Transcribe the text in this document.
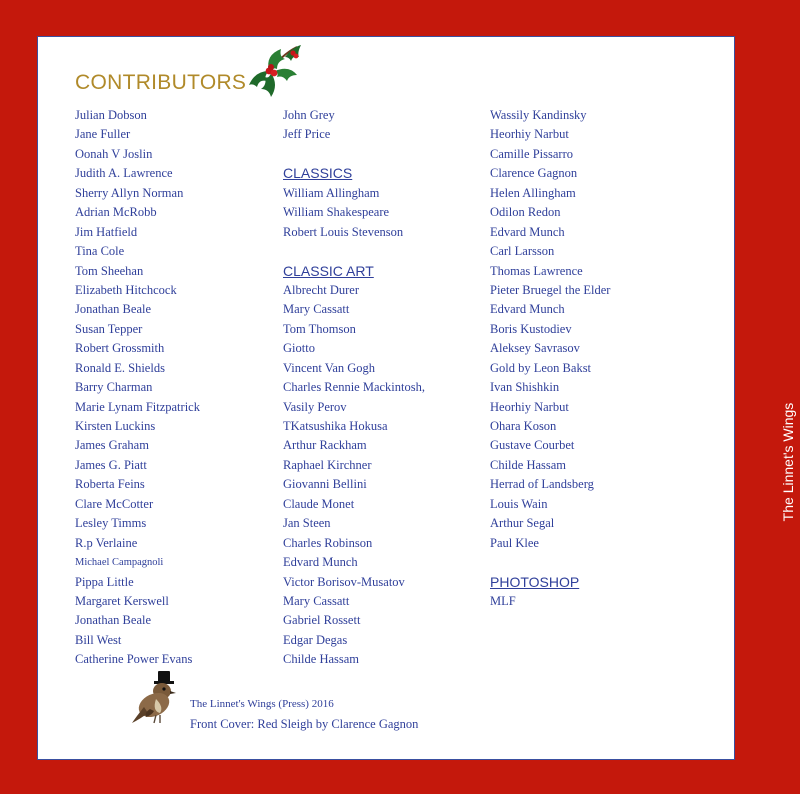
CONTRIBUTORS
Julian Dobson
Jane Fuller
Oonah V Joslin
Judith A. Lawrence
Sherry Allyn Norman
Adrian McRobb
Jim Hatfield
Tina Cole
Tom Sheehan
Elizabeth Hitchcock
Jonathan Beale
Susan Tepper
Robert Grossmith
Ronald E. Shields
Barry Charman
Marie Lynam Fitzpatrick
Kirsten Luckins
James Graham
James G. Piatt
Roberta Feins
Clare McCotter
Lesley Timms
R.p Verlaine
Michael Campagnoli
Pippa Little
Margaret Kerswell
Jonathan Beale
Bill West
Catherine Power Evans
John Grey
Jeff Price
CLASSICS
William Allingham
William Shakespeare
Robert Louis Stevenson
CLASSIC ART
Albrecht Durer
Mary Cassatt
Tom Thomson
Giotto
Vincent Van Gogh
Charles Rennie Mackintosh,
Vasily Perov
TKatsushika Hokusa
Arthur Rackham
Raphael Kirchner
Giovanni Bellini
Claude Monet
Jan Steen
Charles Robinson
Edvard Munch
Victor Borisov-Musatov
Mary Cassatt
Gabriel Rossett
Edgar Degas
Childe Hassam
Wassily Kandinsky
Heorhiy Narbut
Camille Pissarro
Clarence Gagnon
Helen Allingham
Odilon Redon
Edvard Munch
Carl Larsson
Thomas Lawrence
Pieter Bruegel the Elder
Edvard Munch
Boris Kustodiev
Aleksey Savrasov
Gold by Leon Bakst
Ivan Shishkin
Heorhiy Narbut
Ohara Koson
Gustave Courbet
Childe Hassam
Herrad of Landsberg
Louis Wain
Arthur Segal
Paul Klee
PHOTOSHOP
MLF
The Linnet's Wings (Press) 2016
Front Cover: Red Sleigh by Clarence Gagnon
The Linnet's Wings
